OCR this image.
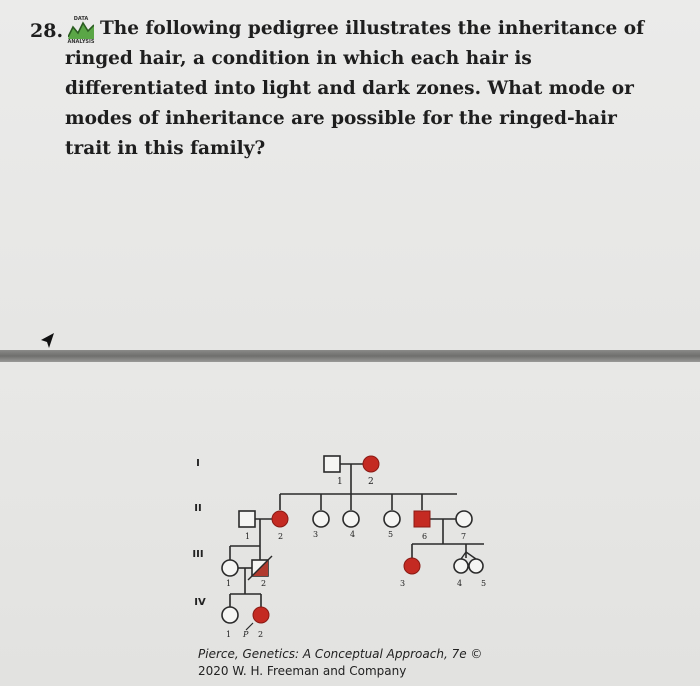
28.
DATA
ANALYSIS
The following pedigree illustrates the inheritance of ringed hair, a condition in which each hair is differentiated into light and dark zones. What mode or modes of inheritance are possible for the ringed-hair trait in this family?
I
II
III
IV
1	2
1	2	3	4	5	6	7
1	2	3	4 5
1 P 2
Pierce, Genetics: A Conceptual Approach, 7e ©
2020 W. H. Freeman and Company
